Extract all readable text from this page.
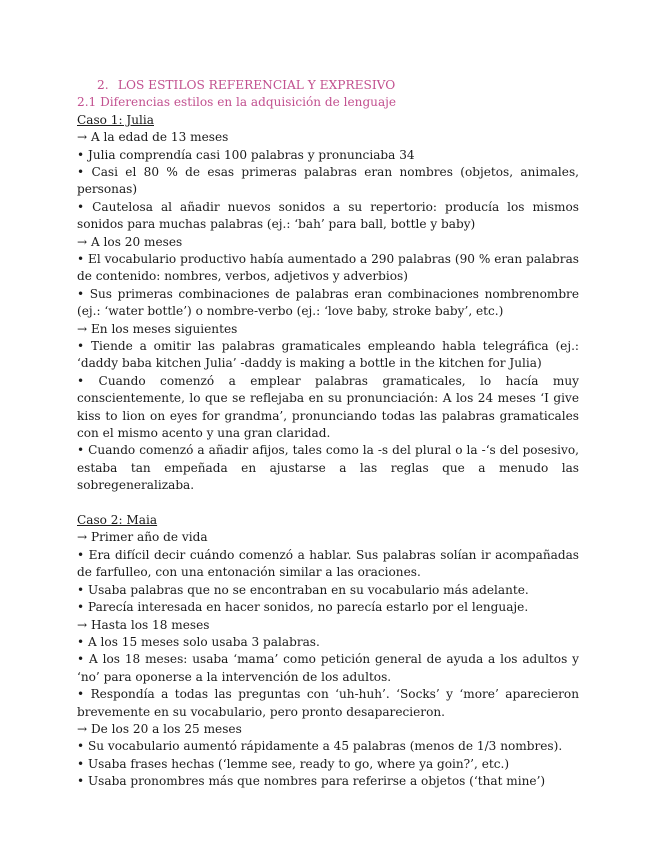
2. LOS ESTILOS REFERENCIAL Y EXPRESIVO

2.1 Diferencias estilos en la adquisición de lenguaje

Caso 1: Julia

→ A la edad de 13 meses

• Julia comprendía casi 100 palabras y pronunciaba 34

• Casi el 80 % de esas primeras palabras eran nombres (objetos, animales, personas)

• Cautelosa al añadir nuevos sonidos a su repertorio: producía los mismos sonidos para muchas palabras (ej.: ‘bah’ para ball, bottle y baby)

→ A los 20 meses

• El vocabulario productivo había aumentado a 290 palabras (90 % eran palabras de contenido: nombres, verbos, adjetivos y adverbios)

• Sus primeras combinaciones de palabras eran combinaciones nombrenombre (ej.: ‘water bottle’) o nombre-verbo (ej.: ‘love baby, stroke baby’, etc.)

→ En los meses siguientes

• Tiende a omitir las palabras gramaticales empleando habla telegráfica (ej.: ‘daddy baba kitchen Julia’ -daddy is making a bottle in the kitchen for Julia)

• Cuando comenzó a emplear palabras gramaticales, lo hacía muy conscientemente, lo que se reflejaba en su pronunciación: A los 24 meses ‘I give kiss to lion on eyes for grandma’, pronunciando todas las palabras gramaticales con el mismo acento y una gran claridad.

• Cuando comenzó a añadir afijos, tales como la -s del plural o la -‘s del posesivo, estaba tan empeñada en ajustarse a las reglas que a menudo las sobregeneralizaba.

Caso 2: Maia

→ Primer año de vida

• Era difícil decir cuándo comenzó a hablar. Sus palabras solían ir acompañadas de farfulleo, con una entonación similar a las oraciones.

• Usaba palabras que no se encontraban en su vocabulario más adelante.

• Parecía interesada en hacer sonidos, no parecía estarlo por el lenguaje.

→ Hasta los 18 meses

• A los 15 meses solo usaba 3 palabras.

• A los 18 meses: usaba ‘mama’ como petición general de ayuda a los adultos y ‘no’ para oponerse a la intervención de los adultos.

• Respondía a todas las preguntas con ‘uh-huh’. ‘Socks’ y ‘more’ aparecieron brevemente en su vocabulario, pero pronto desaparecieron.

→ De los 20 a los 25 meses

• Su vocabulario aumentó rápidamente a 45 palabras (menos de 1/3 nombres).

• Usaba frases hechas (‘lemme see, ready to go, where ya goin?’, etc.)

• Usaba pronombres más que nombres para referirse a objetos (‘that mine’)
